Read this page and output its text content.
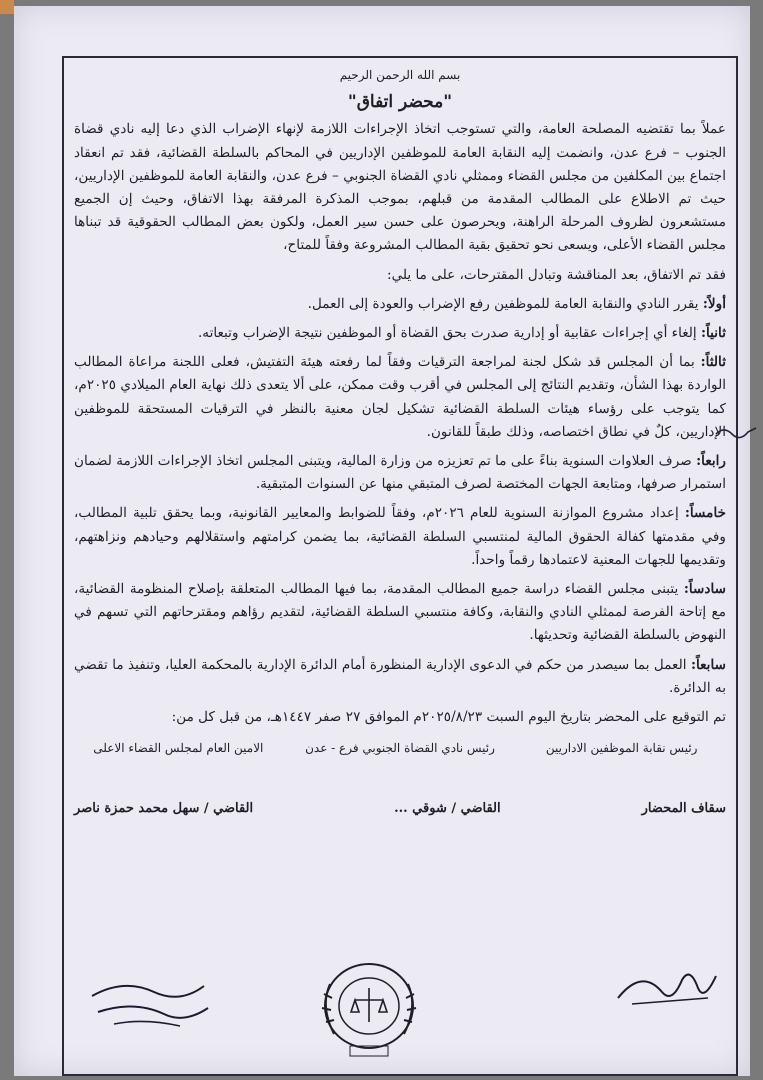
بسم الله الرحمن الرحيم
"محضر اتفاق"
عملاً بما تقتضيه المصلحة العامة، والتي تستوجب اتخاذ الإجراءات اللازمة لإنهاء الإضراب الذي دعا إليه نادي قضاة الجنوب – فرع عدن، وانضمت إليه النقابة العامة للموظفين الإداريين في المحاكم بالسلطة القضائية، فقد تم انعقاد اجتماع بين المكلفين من مجلس القضاء وممثلي نادي القضاة الجنوبي – فرع عدن، والنقابة العامة للموظفين الإداريين، حيث تم الاطلاع على المطالب المقدمة من قبلهم، بموجب المذكرة المرفقة بهذا الاتفاق، وحيث إن الجميع مستشعرون لظروف المرحلة الراهنة، ويحرصون على حسن سير العمل، ولكون بعض المطالب الحقوقية قد تبناها مجلس القضاء الأعلى، ويسعى نحو تحقيق بقية المطالب المشروعة وفقاً للمتاح،
فقد تم الاتفاق، بعد المناقشة وتبادل المقترحات، على ما يلي:
أولاً: يقرر النادي والنقابة العامة للموظفين رفع الإضراب والعودة إلى العمل.
ثانياً: إلغاء أي إجراءات عقابية أو إدارية صدرت بحق القضاة أو الموظفين نتيجة الإضراب وتبعاته.
ثالثاً: بما أن المجلس قد شكل لجنة لمراجعة الترقيات وفقاً لما رفعته هيئة التفتيش، فعلى اللجنة مراعاة المطالب الواردة بهذا الشأن، وتقديم النتائج إلى المجلس في أقرب وقت ممكن، على ألا يتعدى ذلك نهاية العام الميلادي ٢٠٢٥م، كما يتوجب على رؤساء هيئات السلطة القضائية تشكيل لجان معنية بالنظر في الترقيات المستحقة للموظفين الإداريين، كلٌ في نطاق اختصاصه، وذلك طبقاً للقانون.
رابعاً: صرف العلاوات السنوية بناءً على ما تم تعزيزه من وزارة المالية، ويتبنى المجلس اتخاذ الإجراءات اللازمة لضمان استمرار صرفها، ومتابعة الجهات المختصة لصرف المتبقي منها عن السنوات المتبقية.
خامساً: إعداد مشروع الموازنة السنوية للعام ٢٠٢٦م، وفقاً للضوابط والمعايير القانونية، وبما يحقق تلبية المطالب، وفي مقدمتها كفالة الحقوق المالية لمنتسبي السلطة القضائية، بما يضمن كرامتهم واستقلالهم وحيادهم ونزاهتهم، وتقديمها للجهات المعنية لاعتمادها رقماً واحداً.
سادساً: يتبنى مجلس القضاء دراسة جميع المطالب المقدمة، بما فيها المطالب المتعلقة بإصلاح المنظومة القضائية، مع إتاحة الفرصة لممثلي النادي والنقابة، وكافة منتسبي السلطة القضائية، لتقديم رؤاهم ومقترحاتهم التي تسهم في النهوض بالسلطة القضائية وتحديثها.
سابعاً: العمل بما سيصدر من حكم في الدعوى الإدارية المنظورة أمام الدائرة الإدارية بالمحكمة العليا، وتنفيذ ما تقضي به الدائرة.
تم التوقيع على المحضر بتاريخ اليوم السبت ٢٠٢٥/٨/٢٣م الموافق ٢٧ صفر ١٤٤٧هـ، من قبل كل من:
رئيس نقابة الموظفين الاداريين
رئيس نادي القضاة الجنوبي فرع - عدن
الامين العام لمجلس القضاء الاعلى
سقاف المحضار
القاضي / شوقي ...
القاضي / سهل محمد حمزة ناصر
